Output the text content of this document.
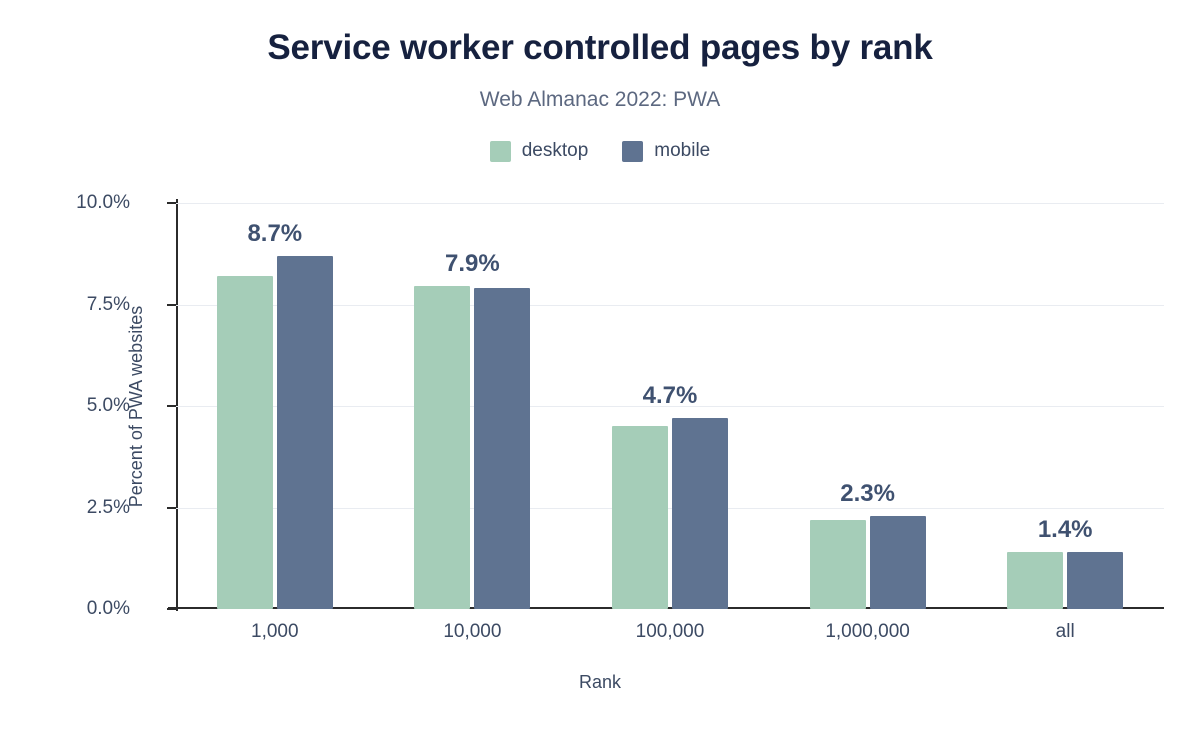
Service worker controlled pages by rank
Web Almanac 2022: PWA
desktop	mobile
Percent of PWA websites
0.0%
2.5%
5.0%
7.5%
10.0%
8.7%
1,000
7.9%
10,000
4.7%
100,000
2.3%
1,000,000
1.4%
all
Rank
